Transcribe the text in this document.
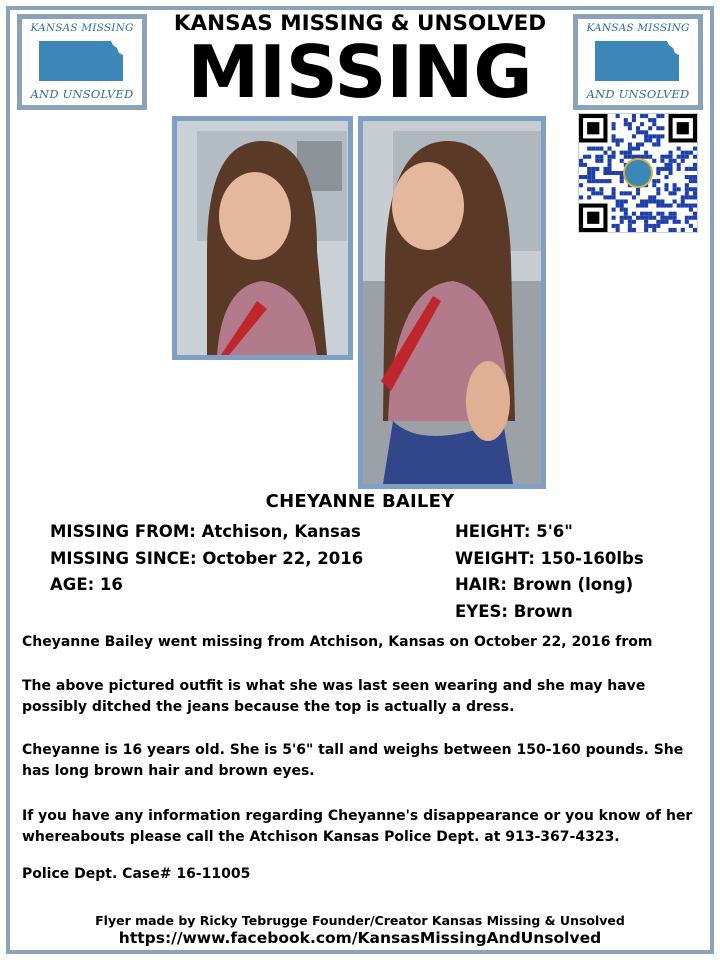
KANSAS MISSING
AND UNSOLVED
KANSAS MISSING
AND UNSOLVED
KANSAS MISSING & UNSOLVED
MISSING
CHEYANNE BAILEY
MISSING FROM: Atchison, Kansas
MISSING SINCE: October 22, 2016
AGE: 16
HEIGHT: 5'6"
WEIGHT: 150-160lbs
HAIR: Brown (long)
EYES: Brown

Cheyanne Bailey went missing from Atchison, Kansas on October 22, 2016 from

The above pictured outfit is what she was last seen wearing and she may have possibly ditched the jeans because the top is actually a dress.

Cheyanne is 16 years old. She is 5'6" tall and weighs between 150-160 pounds. She has long brown hair and brown eyes.

If you have any information regarding Cheyanne's disappearance or you know of her whereabouts please call the Atchison Kansas Police Dept. at 913-367-4323.

Police Dept. Case# 16-11005

Flyer made by Ricky Tebrugge Founder/Creator Kansas Missing & Unsolved
https://www.facebook.com/KansasMissingAndUnsolved
